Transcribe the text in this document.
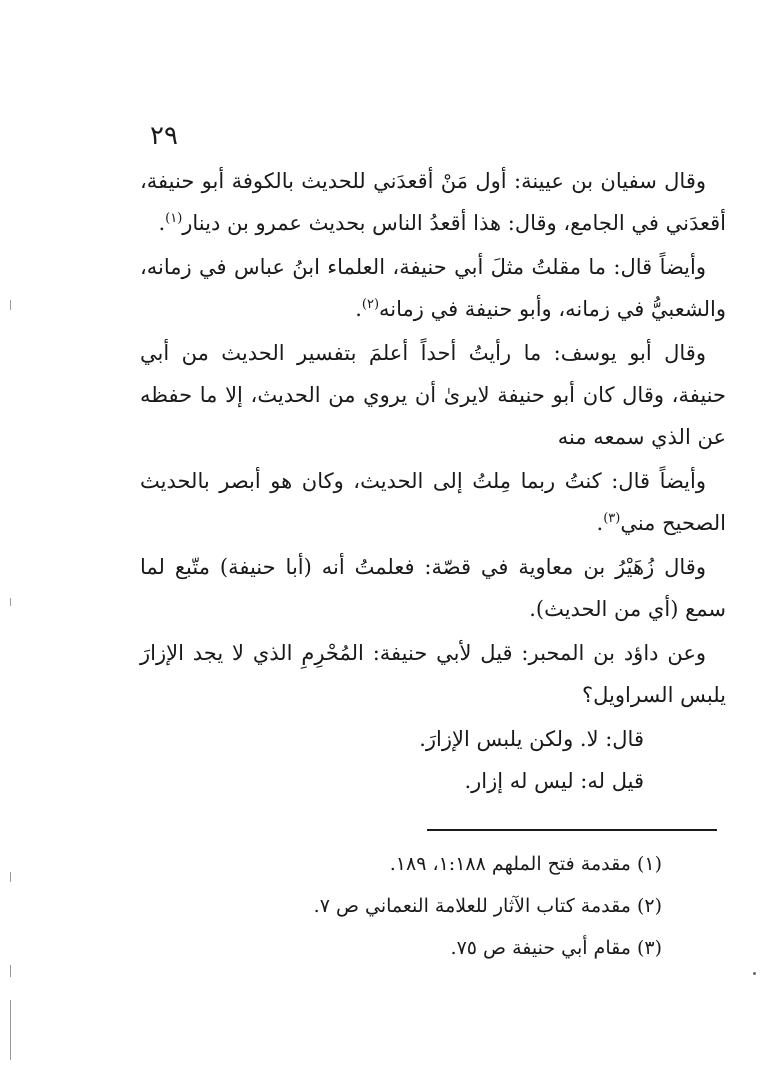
٢٩

وقال سفيان بن عيينة: أول مَنْ أقعدَني للحديث بالكوفة أبو حنيفة، أقعدَني في الجامع، وقال: هذا أقعدُ الناس بحديث عمرو بن دينار$^{(١)}$.

وأيضاً قال: ما مقلتُ مثلَ أبي حنيفة، العلماء ابنُ عباس في زمانه، والشعبيُّ في زمانه، وأبو حنيفة في زمانه$^{(٢)}$.

وقال أبو يوسف: ما رأيتُ أحداً أعلمَ بتفسير الحديث من أبي حنيفة، وقال كان أبو حنيفة لايرىٰ أن يروي من الحديث، إلا ما حفظه عن الذي سمعه منه

وأيضاً قال: كنتُ ربما مِلتُ إلى الحديث، وكان هو أبصر بالحديث الصحيح مني$^{(٣)}$.

وقال زُهَيْرُ بن معاوية في قصّة: فعلمتُ أنه (أبا حنيفة) متّبع لما سمع (أي من الحديث).

وعن داؤد بن المحبر: قيل لأبي حنيفة: المُحْرِمِ الذي لا يجد الإزارَ يلبس السراويل؟

قال: لا. ولكن يلبس الإزارَ.

قيل له: ليس له إزار.

(١) مقدمة فتح الملهم ١:١٨٨، ١٨٩.

(٢) مقدمة كتاب الآثار للعلامة النعماني ص ٧.

(٣) مقام أبي حنيفة ص ٧٥.
